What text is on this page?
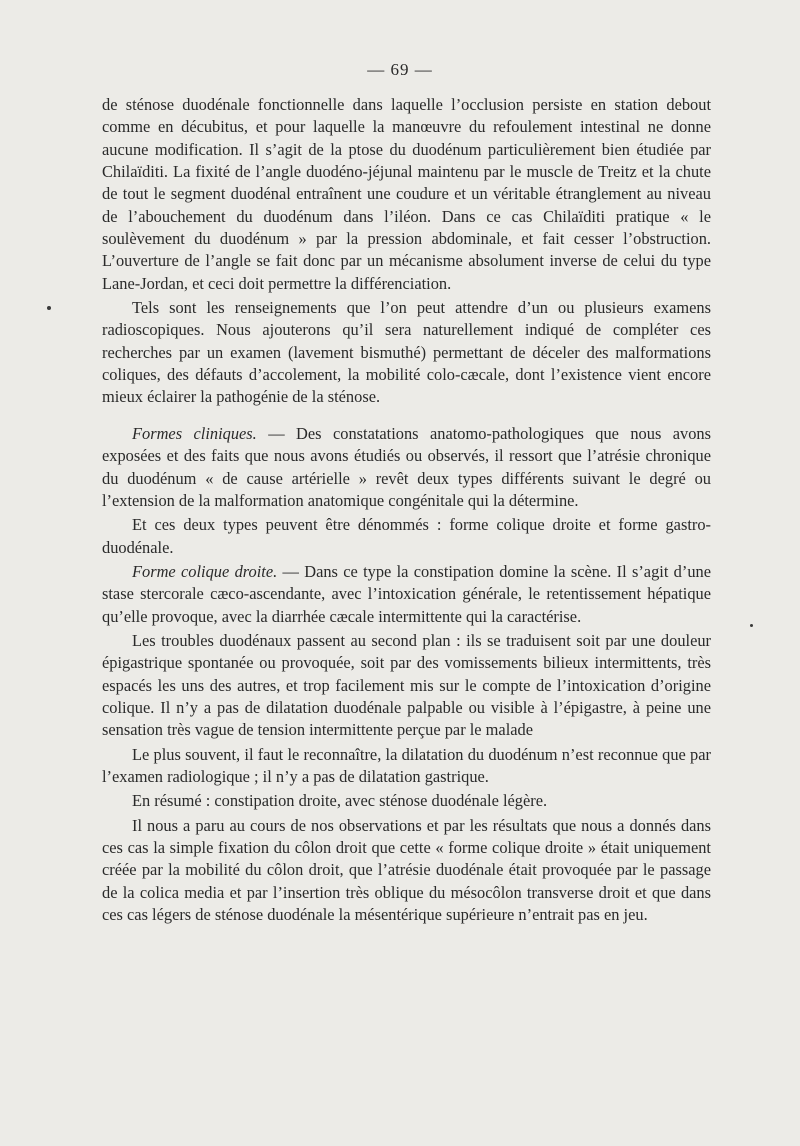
— 69 —

de sténose duodénale fonctionnelle dans laquelle l’occlusion persiste en station debout comme en décubitus, et pour laquelle la manœuvre du refoulement intestinal ne donne aucune modification. Il s’agit de la ptose du duodénum particulièrement bien étudiée par Chilaïditi. La fixité de l’angle duodéno-jéjunal maintenu par le muscle de Treitz et la chute de tout le segment duodénal entraînent une coudure et un véritable étranglement au niveau de l’abouchement du duodénum dans l’iléon. Dans ce cas Chilaïditi pratique « le soulèvement du duodénum » par la pression abdominale, et fait cesser l’obstruction. L’ouverture de l’angle se fait donc par un mécanisme absolument inverse de celui du type Lane-Jordan, et ceci doit permettre la différenciation.

Tels sont les renseignements que l’on peut attendre d’un ou plusieurs examens radioscopiques. Nous ajouterons qu’il sera naturellement indiqué de compléter ces recherches par un examen (lavement bismuthé) permettant de déceler des malformations coliques, des défauts d’accolement, la mobilité colo-cæcale, dont l’existence vient encore mieux éclairer la pathogénie de la sténose.

Formes cliniques. — Des constatations anatomo-pathologiques que nous avons exposées et des faits que nous avons étudiés ou observés, il ressort que l’atrésie chronique du duodénum « de cause artérielle » revêt deux types différents suivant le degré ou l’extension de la malformation anatomique congénitale qui la détermine.

Et ces deux types peuvent être dénommés : forme colique droite et forme gastro-duodénale.

Forme colique droite. — Dans ce type la constipation domine la scène. Il s’agit d’une stase stercorale cæco-ascendante, avec l’intoxication générale, le retentissement hépatique qu’elle provoque, avec la diarrhée cæcale intermittente qui la caractérise.

Les troubles duodénaux passent au second plan : ils se traduisent soit par une douleur épigastrique spontanée ou provoquée, soit par des vomissements bilieux intermittents, très espacés les uns des autres, et trop facilement mis sur le compte de l’intoxication d’origine colique. Il n’y a pas de dilatation duodénale palpable ou visible à l’épigastre, à peine une sensation très vague de tension intermittente perçue par le malade

Le plus souvent, il faut le reconnaître, la dilatation du duodénum n’est reconnue que par l’examen radiologique ; il n’y a pas de dilatation gastrique.

En résumé : constipation droite, avec sténose duodénale légère.

Il nous a paru au cours de nos observations et par les résultats que nous a donnés dans ces cas la simple fixation du côlon droit que cette « forme colique droite » était uniquement créée par la mobilité du côlon droit, que l’atrésie duodénale était provoquée par le passage de la colica media et par l’insertion très oblique du mésocôlon transverse droit et que dans ces cas légers de sténose duodénale la mésentérique supérieure n’entrait pas en jeu.
